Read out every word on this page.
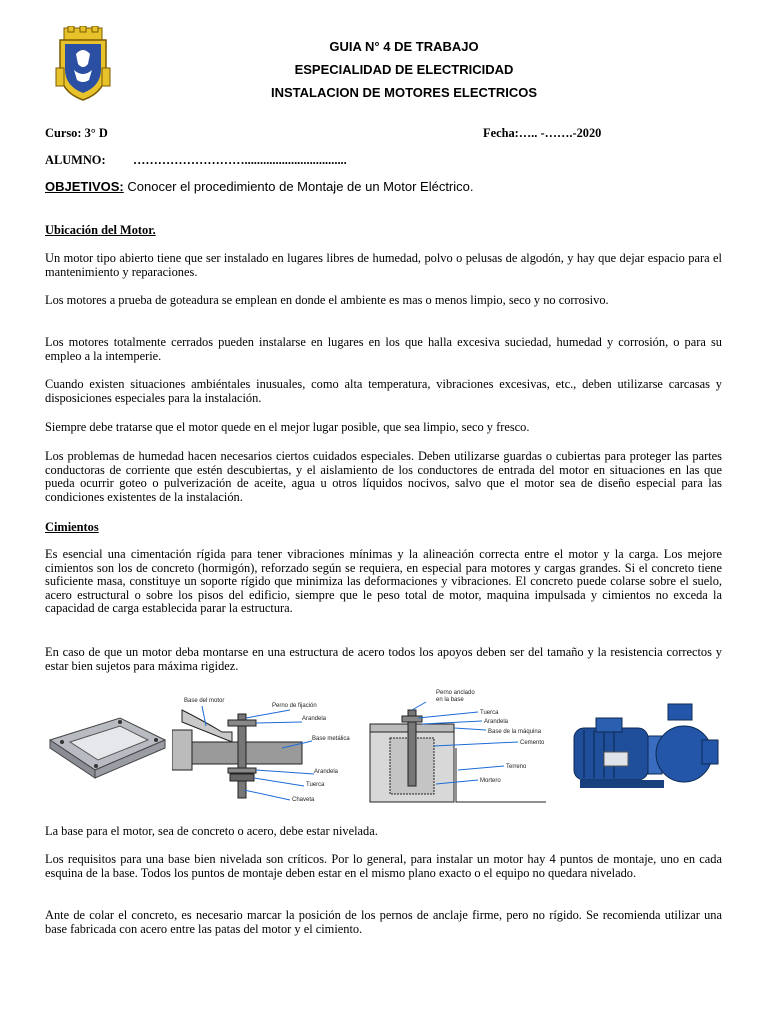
GUIA N° 4 DE TRABAJO
ESPECIALIDAD DE ELECTRICIDAD
INSTALACION DE MOTORES ELECTRICOS
Curso: 3° D	Fecha:….. -…….-2020
ALUMNO: ……………………….................................
OBJETIVOS: Conocer el procedimiento de Montaje de un Motor Eléctrico.
Ubicación del Motor.

Un motor tipo abierto tiene que ser instalado en lugares libres de humedad, polvo o pelusas de algodón, y hay que dejar espacio para el mantenimiento y reparaciones.

Los motores a prueba de goteadura se emplean en donde el ambiente es mas o menos limpio, seco y no corrosivo.

Los motores totalmente cerrados pueden instalarse en lugares en los que halla excesiva suciedad, humedad y corrosión, o para su empleo a la intemperie.

Cuando existen situaciones ambiéntales inusuales, como alta temperatura, vibraciones excesivas, etc., deben utilizarse carcasas y disposiciones especiales para la instalación.

Siempre debe tratarse que el motor quede en el mejor lugar posible, que sea limpio, seco y fresco.

Los problemas de humedad hacen necesarios ciertos cuidados especiales. Deben utilizarse guardas o cubiertas para proteger las partes conductoras de corriente que estén descubiertas, y el aislamiento de los conductores de entrada del motor en situaciones en las que pueda ocurrir goteo o pulverización de aceite, agua u otros líquidos nocivos, salvo que el motor sea de diseño especial para las condiciones existentes de la instalación.

Cimientos

Es esencial una cimentación rígida para tener vibraciones mínimas y la alineación correcta entre el motor y la carga. Los mejore cimientos son los de concreto (hormigón), reforzado según se requiera, en especial para motores y cargas grandes. Si el concreto tiene suficiente masa, constituye un soporte rígido que minimiza las deformaciones y vibraciones. El concreto puede colarse sobre el suelo, acero estructural o sobre los pisos del edificio, siempre que le peso total de motor, maquina impulsada y cimientos no exceda la capacidad de carga establecida parar la estructura.

En caso de que un motor deba montarse en una estructura de acero todos los apoyos deben ser del tamaño y la resistencia correctos y estar bien sujetos para máxima rigidez.

Base del motor
Perno de fijación
Arandela
Base metálica
Arandela
Tuerca
Chaveta
Perno anclado
en la base
Tuerca
Arandela
Base de la máquina
Cemento
Terreno
Mortero

La base para el motor, sea de concreto o acero, debe estar nivelada.

Los requisitos para una base bien nivelada son críticos. Por lo general, para instalar un motor hay 4 puntos de montaje, uno en cada esquina de la base. Todos los puntos de montaje deben estar en el mismo plano exacto o el equipo no quedara nivelado.

Ante de colar el concreto, es necesario marcar la posición de los pernos de anclaje firme, pero no rígido. Se recomienda utilizar una base fabricada con acero entre las patas del motor y el cimiento.
